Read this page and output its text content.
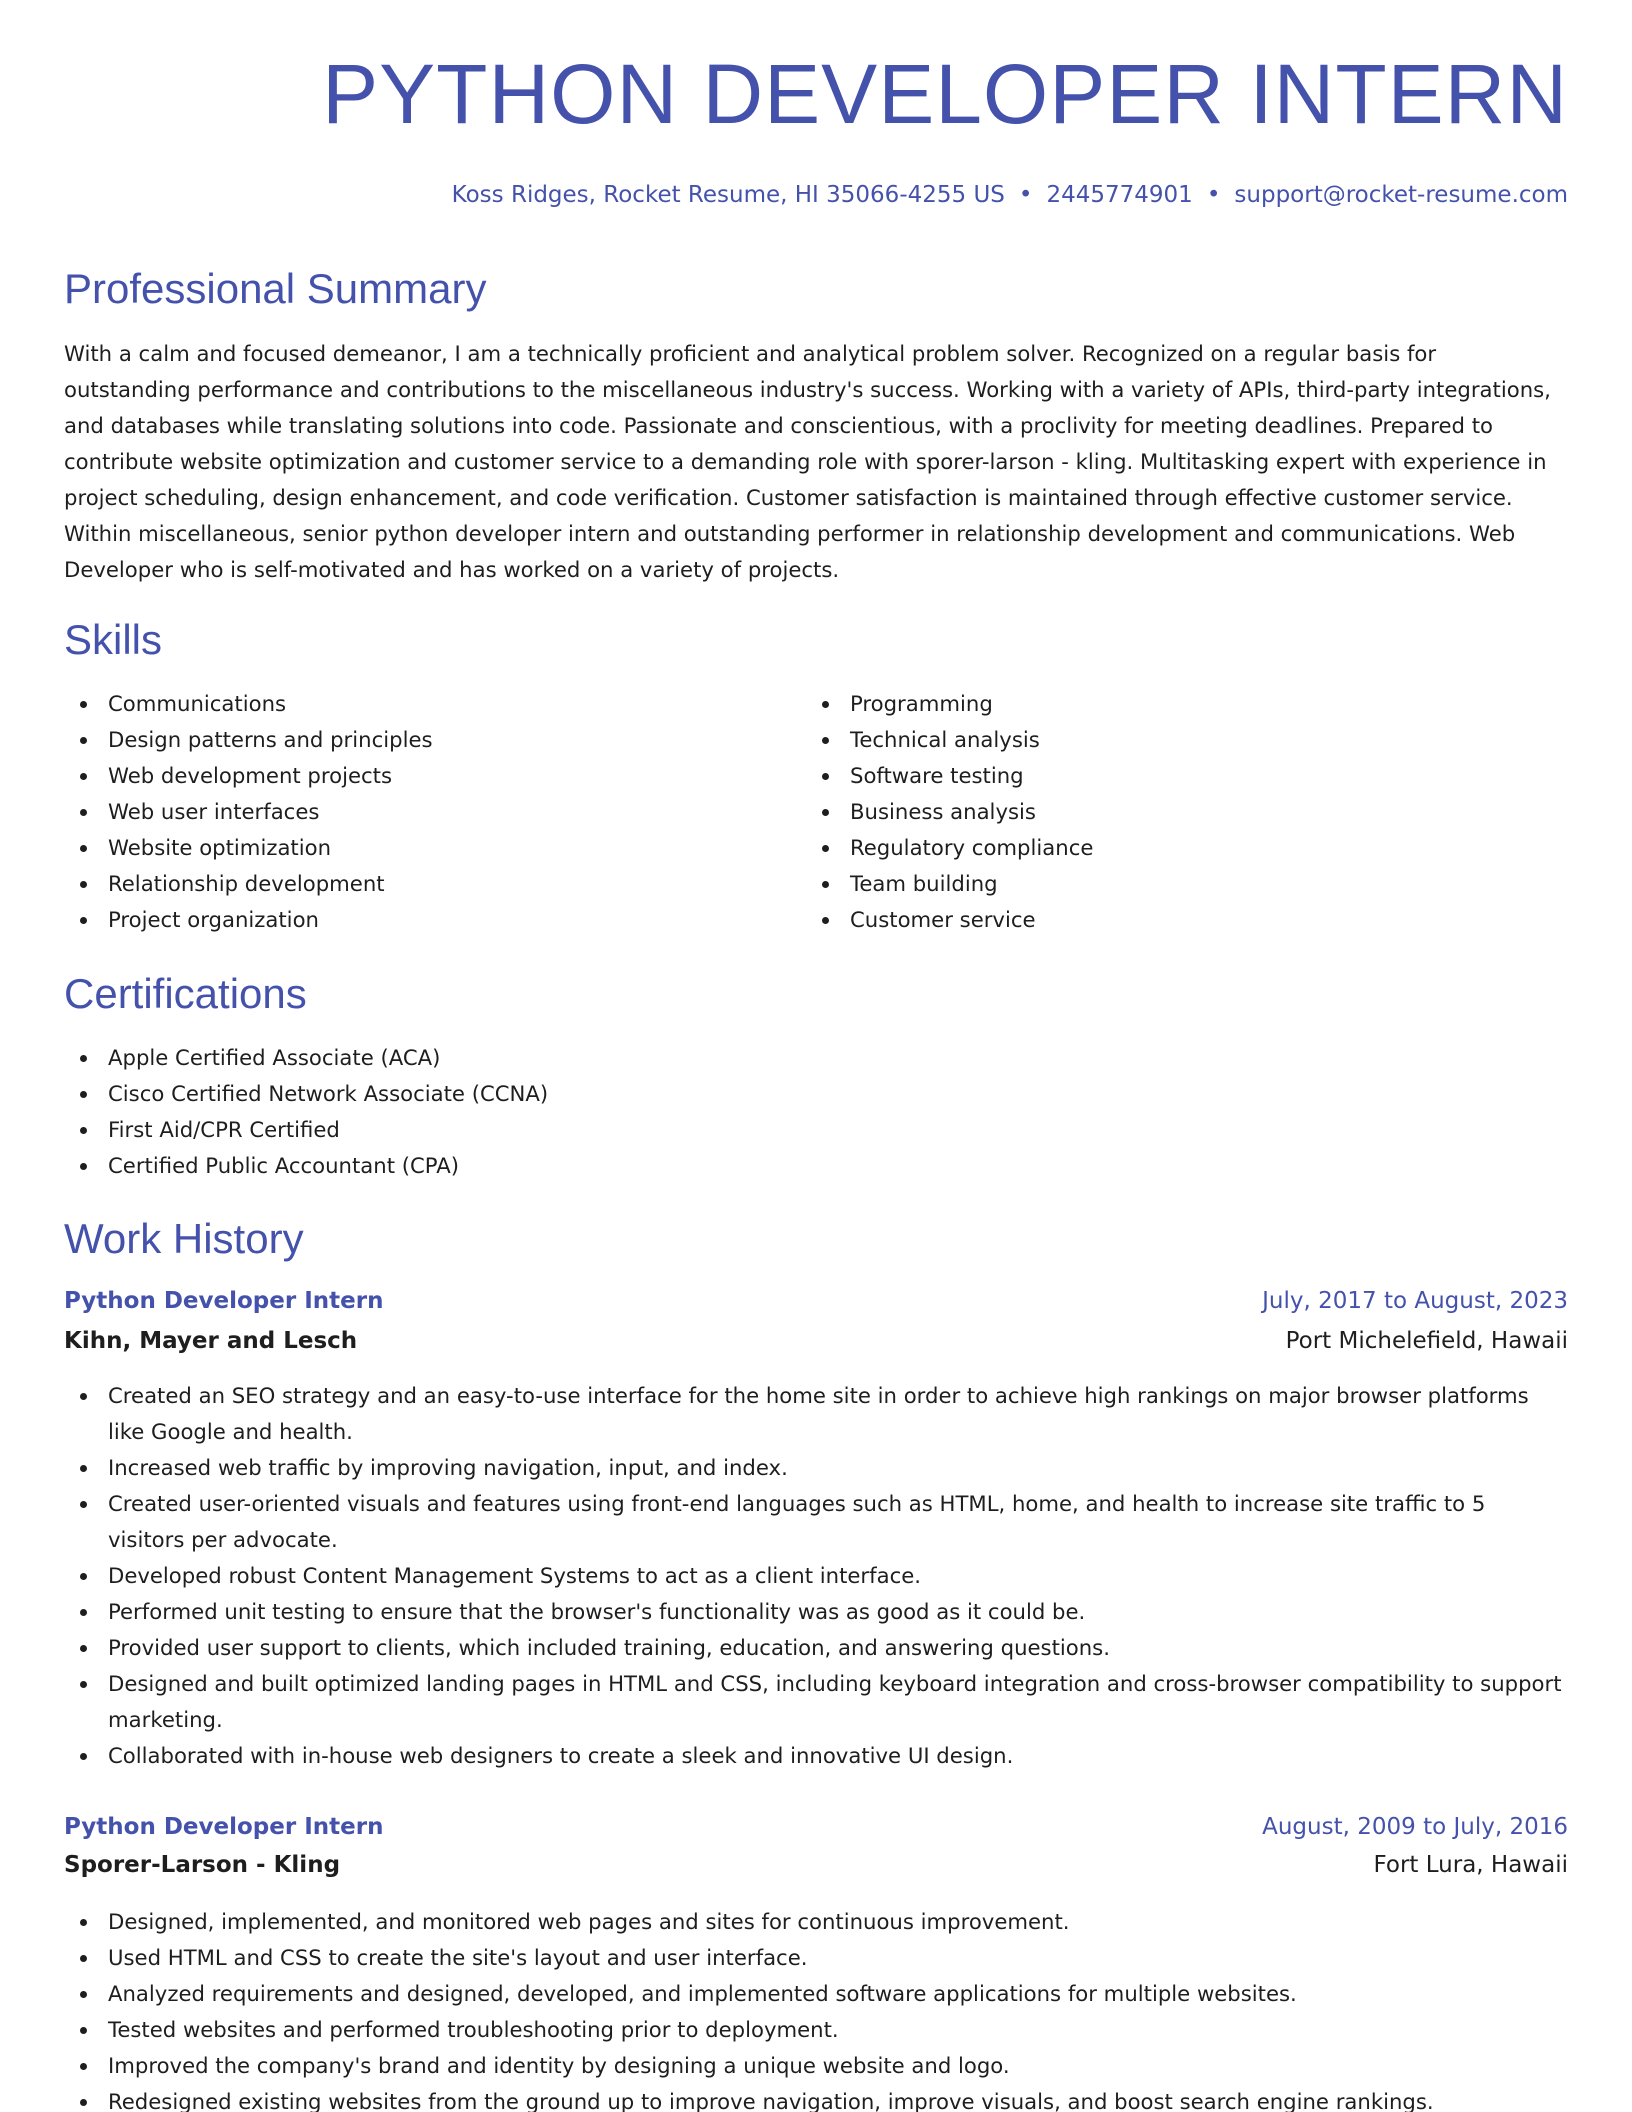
PYTHON DEVELOPER INTERN
Koss Ridges, Rocket Resume, HI 35066-4255 US • 2445774901 • support@rocket-resume.com
Professional Summary
With a calm and focused demeanor, I am a technically proficient and analytical problem solver. Recognized on a regular basis for outstanding performance and contributions to the miscellaneous industry's success. Working with a variety of APIs, third-party integrations, and databases while translating solutions into code. Passionate and conscientious, with a proclivity for meeting deadlines. Prepared to contribute website optimization and customer service to a demanding role with sporer-larson - kling. Multitasking expert with experience in project scheduling, design enhancement, and code verification. Customer satisfaction is maintained through effective customer service. Within miscellaneous, senior python developer intern and outstanding performer in relationship development and communications. Web Developer who is self-motivated and has worked on a variety of projects.
Skills
Communications
Design patterns and principles
Web development projects
Web user interfaces
Website optimization
Relationship development
Project organization
Programming
Technical analysis
Software testing
Business analysis
Regulatory compliance
Team building
Customer service
Certifications
Apple Certified Associate (ACA)
Cisco Certified Network Associate (CCNA)
First Aid/CPR Certified
Certified Public Accountant (CPA)
Work History
Python Developer Intern	July, 2017 to August, 2023
Kihn, Mayer and Lesch	Port Michelefield, Hawaii
Created an SEO strategy and an easy-to-use interface for the home site in order to achieve high rankings on major browser platforms like Google and health.
Increased web traffic by improving navigation, input, and index.
Created user-oriented visuals and features using front-end languages such as HTML, home, and health to increase site traffic to 5 visitors per advocate.
Developed robust Content Management Systems to act as a client interface.
Performed unit testing to ensure that the browser's functionality was as good as it could be.
Provided user support to clients, which included training, education, and answering questions.
Designed and built optimized landing pages in HTML and CSS, including keyboard integration and cross-browser compatibility to support marketing.
Collaborated with in-house web designers to create a sleek and innovative UI design.
Python Developer Intern	August, 2009 to July, 2016
Sporer-Larson - Kling	Fort Lura, Hawaii
Designed, implemented, and monitored web pages and sites for continuous improvement.
Used HTML and CSS to create the site's layout and user interface.
Analyzed requirements and designed, developed, and implemented software applications for multiple websites.
Tested websites and performed troubleshooting prior to deployment.
Improved the company's brand and identity by designing a unique website and logo.
Redesigned existing websites from the ground up to improve navigation, improve visuals, and boost search engine rankings.
